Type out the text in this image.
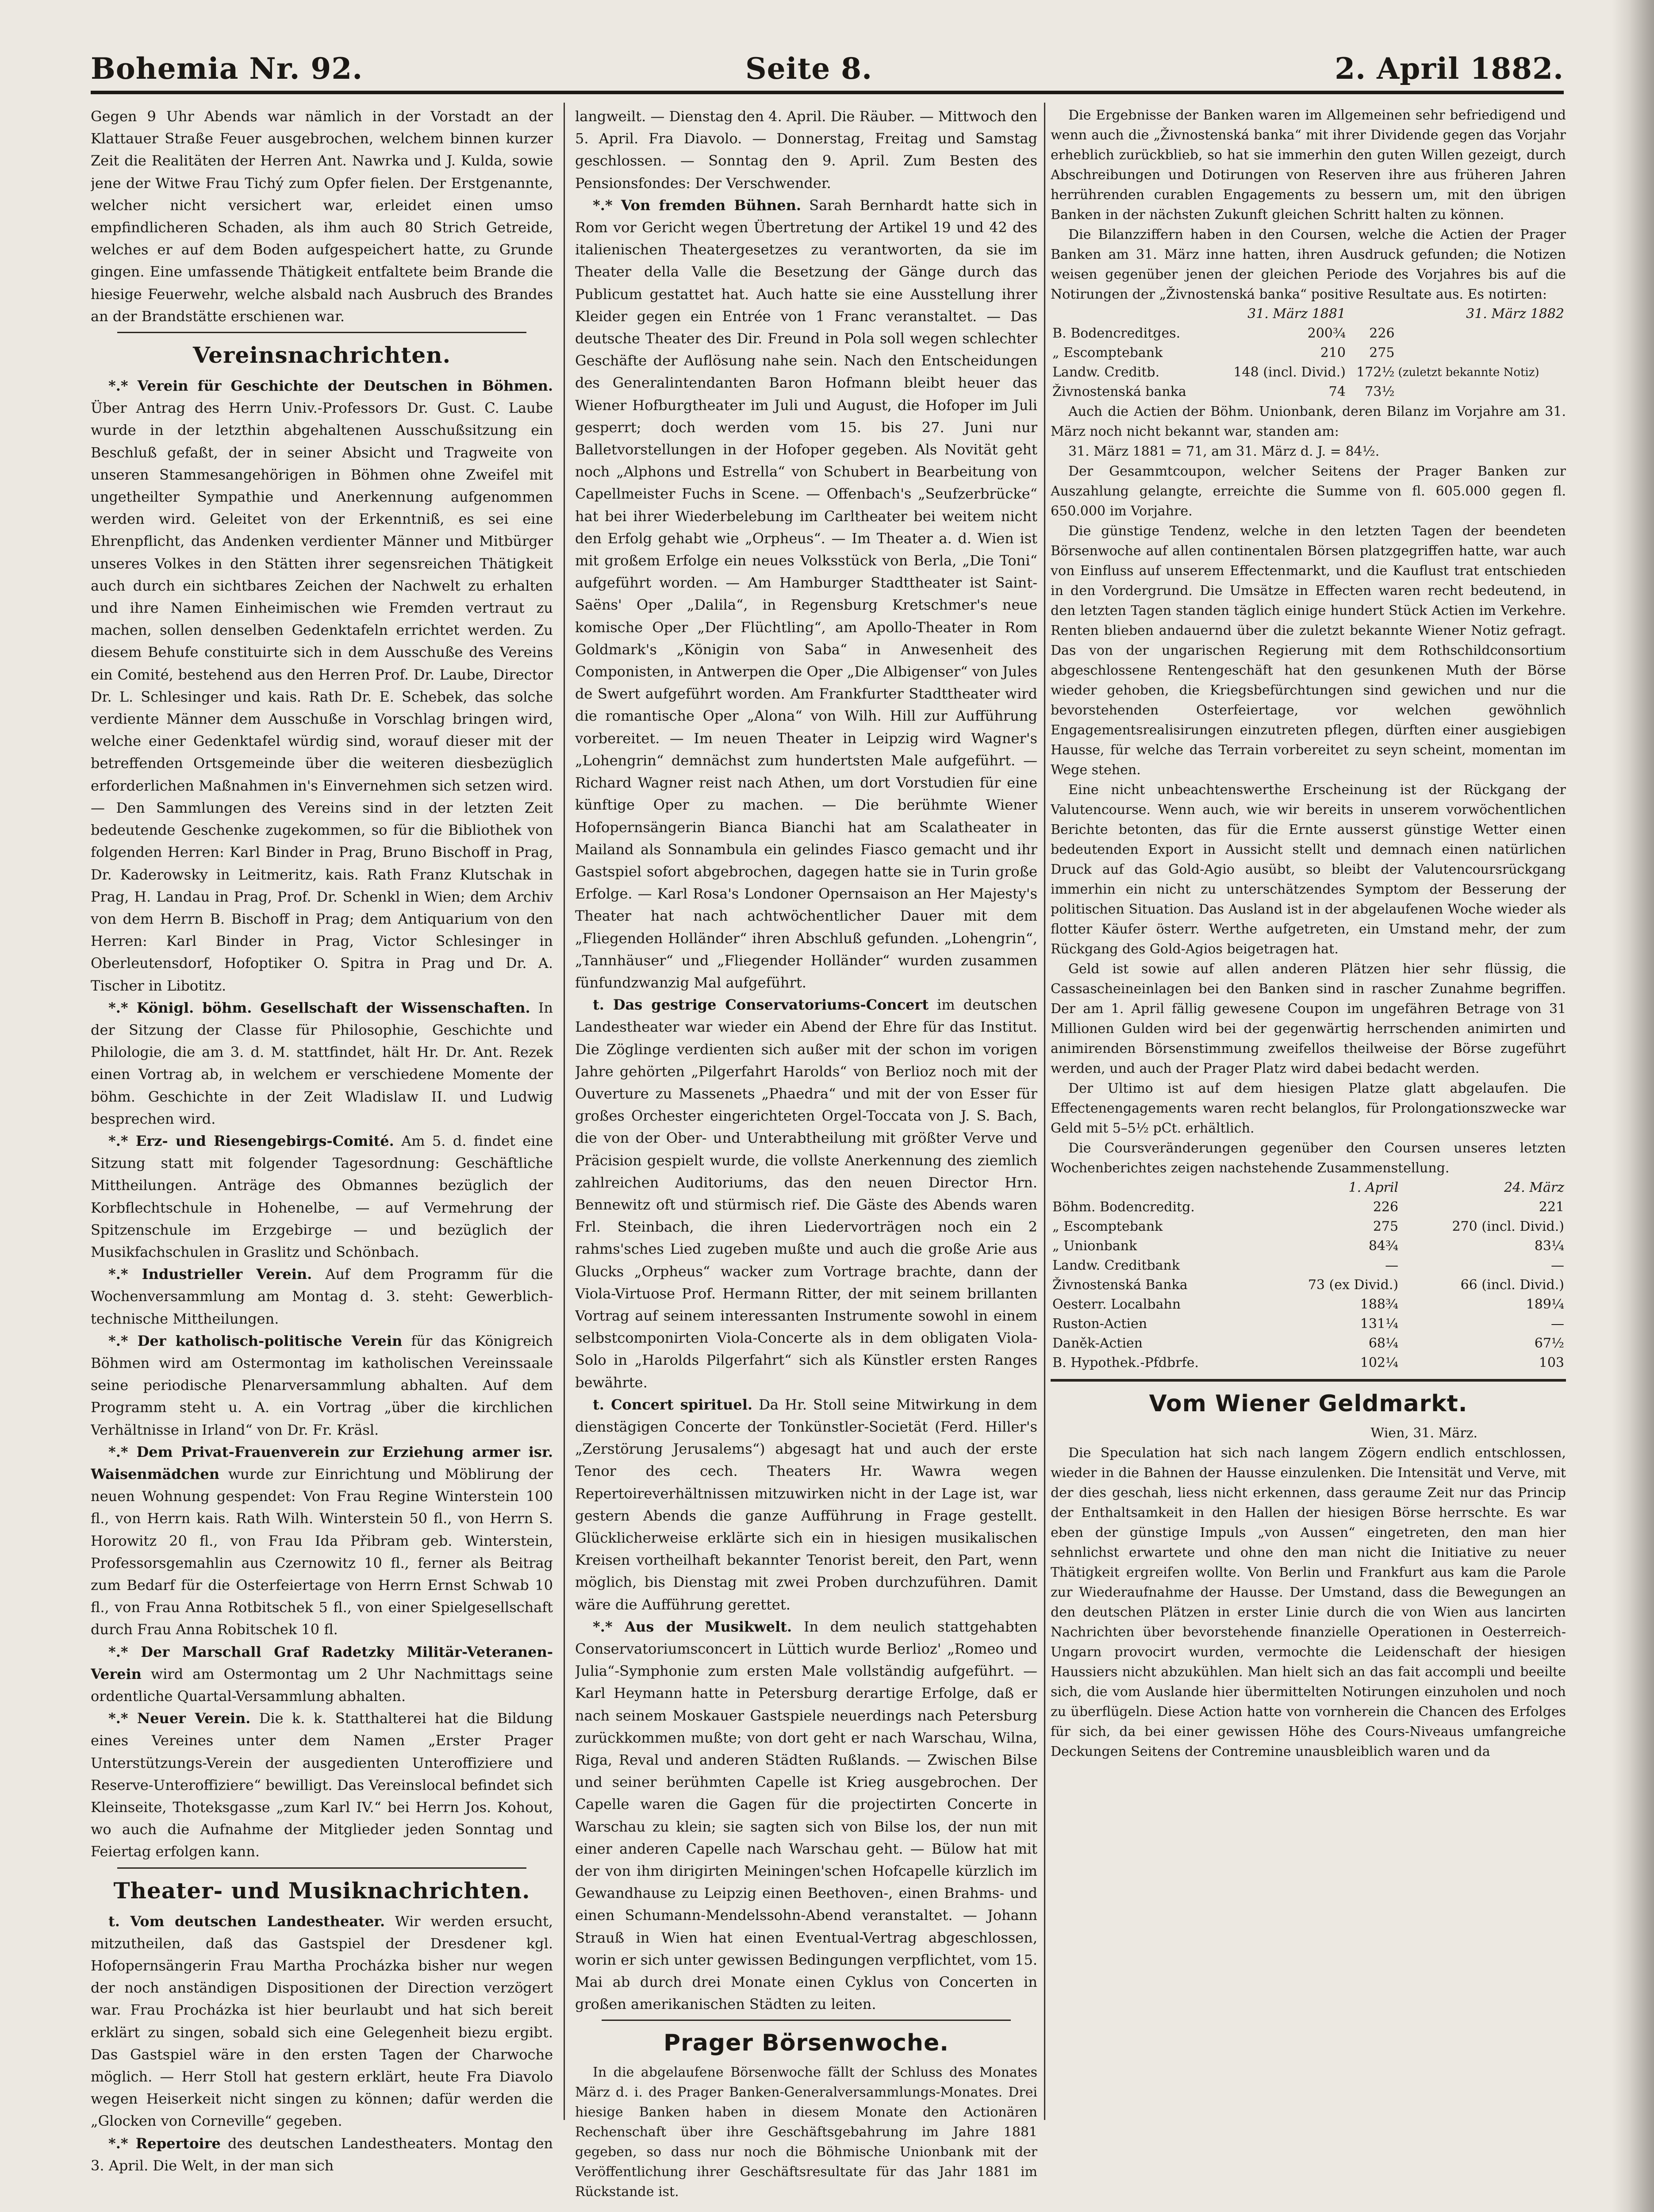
Bohemia Nr. 92.	Seite 8.	2. April 1882.

Gegen 9 Uhr Abends war nämlich in der Vorstadt an der Klattauer Straße Feuer ausgebrochen, welchem binnen kurzer Zeit die Realitäten der Herren Ant. Nawrka und J. Kulda, sowie jene der Witwe Frau Tichý zum Opfer fielen. Der Erstgenannte, welcher nicht versichert war, erleidet einen umso empfindlicheren Schaden, als ihm auch 80 Strich Getreide, welches er auf dem Boden aufgespeichert hatte, zu Grunde gingen. Eine umfassende Thätigkeit entfaltete beim Brande die hiesige Feuerwehr, welche alsbald nach Ausbruch des Brandes an der Brandstätte erschienen war.

Vereinsnachrichten.

*.* Verein für Geschichte der Deutschen in Böhmen. Über Antrag des Herrn Univ.-Professors Dr. Gust. C. Laube wurde in der letzthin abgehaltenen Ausschußsitzung ein Beschluß gefaßt, der in seiner Absicht und Tragweite von unseren Stammesangehörigen in Böhmen ohne Zweifel mit ungetheilter Sympathie und Anerkennung aufgenommen werden wird. Geleitet von der Erkenntniß, es sei eine Ehrenpflicht, das Andenken verdienter Männer und Mitbürger unseres Volkes in den Stätten ihrer segensreichen Thätigkeit auch durch ein sichtbares Zeichen der Nachwelt zu erhalten und ihre Namen Einheimischen wie Fremden vertraut zu machen, sollen denselben Gedenktafeln errichtet werden. Zu diesem Behufe constituirte sich in dem Ausschuße des Vereins ein Comité, bestehend aus den Herren Prof. Dr. Laube, Director Dr. L. Schlesinger und kais. Rath Dr. E. Schebek, das solche verdiente Männer dem Ausschuße in Vorschlag bringen wird, welche einer Gedenktafel würdig sind, worauf dieser mit der betreffenden Ortsgemeinde über die weiteren diesbezüglich erforderlichen Maßnahmen in's Einvernehmen sich setzen wird. — Den Sammlungen des Vereins sind in der letzten Zeit bedeutende Geschenke zugekommen, so für die Bibliothek von folgenden Herren: Karl Binder in Prag, Bruno Bischoff in Prag, Dr. Kaderowsky in Leitmeritz, kais. Rath Franz Klutschak in Prag, H. Landau in Prag, Prof. Dr. Schenkl in Wien; dem Archiv von dem Herrn B. Bischoff in Prag; dem Antiquarium von den Herren: Karl Binder in Prag, Victor Schlesinger in Oberleutensdorf, Hofoptiker O. Spitra in Prag und Dr. A. Tischer in Libotitz.

*.* Königl. böhm. Gesellschaft der Wissenschaften. In der Sitzung der Classe für Philosophie, Geschichte und Philologie, die am 3. d. M. stattfindet, hält Hr. Dr. Ant. Rezek einen Vortrag ab, in welchem er verschiedene Momente der böhm. Geschichte in der Zeit Wladislaw II. und Ludwig besprechen wird.

*.* Erz- und Riesengebirgs-Comité. Am 5. d. findet eine Sitzung statt mit folgender Tagesordnung: Geschäftliche Mittheilungen. Anträge des Obmannes bezüglich der Korbflechtschule in Hohenelbe, — auf Vermehrung der Spitzenschule im Erzgebirge — und bezüglich der Musikfachschulen in Graslitz und Schönbach.

*.* Industrieller Verein. Auf dem Programm für die Wochenversammlung am Montag d. 3. steht: Gewerblich-technische Mittheilungen.

*.* Der katholisch-politische Verein für das Königreich Böhmen wird am Ostermontag im katholischen Vereinssaale seine periodische Plenarversammlung abhalten. Auf dem Programm steht u. A. ein Vortrag „über die kirchlichen Verhältnisse in Irland“ von Dr. Fr. Kräsl.

*.* Dem Privat-Frauenverein zur Erziehung armer isr. Waisenmädchen wurde zur Einrichtung und Möblirung der neuen Wohnung gespendet: Von Frau Regine Winterstein 100 fl., von Herrn kais. Rath Wilh. Winterstein 50 fl., von Herrn S. Horowitz 20 fl., von Frau Ida Přibram geb. Winterstein, Professorsgemahlin aus Czernowitz 10 fl., ferner als Beitrag zum Bedarf für die Osterfeiertage von Herrn Ernst Schwab 10 fl., von Frau Anna Rotbitschek 5 fl., von einer Spielgesellschaft durch Frau Anna Robitschek 10 fl.

*.* Der Marschall Graf Radetzky Militär-Veteranen-Verein wird am Ostermontag um 2 Uhr Nachmittags seine ordentliche Quartal-Versammlung abhalten.

*.* Neuer Verein. Die k. k. Statthalterei hat die Bildung eines Vereines unter dem Namen „Erster Prager Unterstützungs-Verein der ausgedienten Unteroffiziere und Reserve-Unteroffiziere“ bewilligt. Das Vereinslocal befindet sich Kleinseite, Thoteksgasse „zum Karl IV.“ bei Herrn Jos. Kohout, wo auch die Aufnahme der Mitglieder jeden Sonntag und Feiertag erfolgen kann.

Theater- und Musiknachrichten.

t. Vom deutschen Landestheater. Wir werden ersucht, mitzutheilen, daß das Gastspiel der Dresdener kgl. Hofopernsängerin Frau Martha Procházka bisher nur wegen der noch anständigen Dispositionen der Direction verzögert war. Frau Procházka ist hier beurlaubt und hat sich bereit erklärt zu singen, sobald sich eine Gelegenheit biezu ergibt. Das Gastspiel wäre in den ersten Tagen der Charwoche möglich. — Herr Stoll hat gestern erklärt, heute Fra Diavolo wegen Heiserkeit nicht singen zu können; dafür werden die „Glocken von Corneville“ gegeben.

*.* Repertoire des deutschen Landestheaters. Montag den 3. April. Die Welt, in der man sich

langweilt. — Dienstag den 4. April. Die Räuber. — Mittwoch den 5. April. Fra Diavolo. — Donnerstag, Freitag und Samstag geschlossen. — Sonntag den 9. April. Zum Besten des Pensionsfondes: Der Verschwender.

*.* Von fremden Bühnen. Sarah Bernhardt hatte sich in Rom vor Gericht wegen Übertretung der Artikel 19 und 42 des italienischen Theatergesetzes zu verantworten, da sie im Theater della Valle die Besetzung der Gänge durch das Publicum gestattet hat. Auch hatte sie eine Ausstellung ihrer Kleider gegen ein Entrée von 1 Franc veranstaltet. — Das deutsche Theater des Dir. Freund in Pola soll wegen schlechter Geschäfte der Auflösung nahe sein. Nach den Entscheidungen des Generalintendanten Baron Hofmann bleibt heuer das Wiener Hofburgtheater im Juli und August, die Hofoper im Juli gesperrt; doch werden vom 15. bis 27. Juni nur Balletvorstellungen in der Hofoper gegeben. Als Novität geht noch „Alphons und Estrella“ von Schubert in Bearbeitung von Capellmeister Fuchs in Scene. — Offenbach's „Seufzerbrücke“ hat bei ihrer Wiederbelebung im Carltheater bei weitem nicht den Erfolg gehabt wie „Orpheus“. — Im Theater a. d. Wien ist mit großem Erfolge ein neues Volksstück von Berla, „Die Toni“ aufgeführt worden. — Am Hamburger Stadttheater ist Saint-Saëns' Oper „Dalila“, in Regensburg Kretschmer's neue komische Oper „Der Flüchtling“, am Apollo-Theater in Rom Goldmark's „Königin von Saba“ in Anwesenheit des Componisten, in Antwerpen die Oper „Die Albigenser“ von Jules de Swert aufgeführt worden. Am Frankfurter Stadttheater wird die romantische Oper „Alona“ von Wilh. Hill zur Aufführung vorbereitet. — Im neuen Theater in Leipzig wird Wagner's „Lohengrin“ demnächst zum hundertsten Male aufgeführt. — Richard Wagner reist nach Athen, um dort Vorstudien für eine künftige Oper zu machen. — Die berühmte Wiener Hofopernsängerin Bianca Bianchi hat am Scalatheater in Mailand als Sonnambula ein gelindes Fiasco gemacht und ihr Gastspiel sofort abgebrochen, dagegen hatte sie in Turin große Erfolge. — Karl Rosa's Londoner Opernsaison an Her Majesty's Theater hat nach achtwöchentlicher Dauer mit dem „Fliegenden Holländer“ ihren Abschluß gefunden. „Lohengrin“, „Tannhäuser“ und „Fliegender Holländer“ wurden zusammen fünfundzwanzig Mal aufgeführt.

t. Das gestrige Conservatoriums-Concert im deutschen Landestheater war wieder ein Abend der Ehre für das Institut. Die Zöglinge verdienten sich außer mit der schon im vorigen Jahre gehörten „Pilgerfahrt Harolds“ von Berlioz noch mit der Ouverture zu Massenets „Phaedra“ und mit der von Esser für großes Orchester eingerichteten Orgel-Toccata von J. S. Bach, die von der Ober- und Unterabtheilung mit größter Verve und Präcision gespielt wurde, die vollste Anerkennung des ziemlich zahlreichen Auditoriums, das den neuen Director Hrn. Bennewitz oft und stürmisch rief. Die Gäste des Abends waren Frl. Steinbach, die ihren Liedervorträgen noch ein 2 rahms'sches Lied zugeben mußte und auch die große Arie aus Glucks „Orpheus“ wacker zum Vortrage brachte, dann der Viola-Virtuose Prof. Hermann Ritter, der mit seinem brillanten Vortrag auf seinem interessanten Instrumente sowohl in einem selbstcomponirten Viola-Concerte als in dem obligaten Viola-Solo in „Harolds Pilgerfahrt“ sich als Künstler ersten Ranges bewährte.

t. Concert spirituel. Da Hr. Stoll seine Mitwirkung in dem dienstägigen Concerte der Tonkünstler-Societät (Ferd. Hiller's „Zerstörung Jerusalems“) abgesagt hat und auch der erste Tenor des cech. Theaters Hr. Wawra wegen Repertoireverhältnissen mitzuwirken nicht in der Lage ist, war gestern Abends die ganze Aufführung in Frage gestellt. Glücklicherweise erklärte sich ein in hiesigen musikalischen Kreisen vortheilhaft bekannter Tenorist bereit, den Part, wenn möglich, bis Dienstag mit zwei Proben durchzuführen. Damit wäre die Aufführung gerettet.

*.* Aus der Musikwelt. In dem neulich stattgehabten Conservatoriumsconcert in Lüttich wurde Berlioz' „Romeo und Julia“-Symphonie zum ersten Male vollständig aufgeführt. — Karl Heymann hatte in Petersburg derartige Erfolge, daß er nach seinem Moskauer Gastspiele neuerdings nach Petersburg zurückkommen mußte; von dort geht er nach Warschau, Wilna, Riga, Reval und anderen Städten Rußlands. — Zwischen Bilse und seiner berühmten Capelle ist Krieg ausgebrochen. Der Capelle waren die Gagen für die projectirten Concerte in Warschau zu klein; sie sagten sich von Bilse los, der nun mit einer anderen Capelle nach Warschau geht. — Bülow hat mit der von ihm dirigirten Meiningen'schen Hofcapelle kürzlich im Gewandhause zu Leipzig einen Beethoven-, einen Brahms- und einen Schumann-Mendelssohn-Abend veranstaltet. — Johann Strauß in Wien hat einen Eventual-Vertrag abgeschlossen, worin er sich unter gewissen Bedingungen verpflichtet, vom 15. Mai ab durch drei Monate einen Cyklus von Concerten in großen amerikanischen Städten zu leiten.

Prager Börsenwoche.

In die abgelaufene Börsenwoche fällt der Schluss des Monates März d. i. des Prager Banken-Generalversammlungs-Monates. Drei hiesige Banken haben in diesem Monate den Actionären Rechenschaft über ihre Geschäftsgebahrung im Jahre 1881 gegeben, so dass nur noch die Böhmische Unionbank mit der Veröffentlichung ihrer Geschäftsresultate für das Jahr 1881 im Rückstande ist.

Die Ergebnisse der Banken waren im Allgemeinen sehr befriedigend und wenn auch die „Živnostenská banka“ mit ihrer Dividende gegen das Vorjahr erheblich zurückblieb, so hat sie immerhin den guten Willen gezeigt, durch Abschreibungen und Dotirungen von Reserven ihre aus früheren Jahren herrührenden curablen Engagements zu bessern um, mit den übrigen Banken in der nächsten Zukunft gleichen Schritt halten zu können.

Die Bilanzziffern haben in den Coursen, welche die Actien der Prager Banken am 31. März inne hatten, ihren Ausdruck gefunden; die Notizen weisen gegenüber jenen der gleichen Periode des Vorjahres bis auf die Notirungen der „Živnostenská banka“ positive Resultate aus. Es notirten:

	31. März 1881	31. März 1882	
B. Bodencreditges.	200¾	226	
„ Escomptebank	210	275	
Landw. Creditb.	148 (incl. Divid.)	172½	(zuletzt bekannte Notiz)
Živnostenská banka	74	73½	

Auch die Actien der Böhm. Unionbank, deren Bilanz im Vorjahre am 31. März noch nicht bekannt war, standen am:

31. März 1881 = 71, am 31. März d. J. = 84½.

Der Gesammtcoupon, welcher Seitens der Prager Banken zur Auszahlung gelangte, erreichte die Summe von fl. 605.000 gegen fl. 650.000 im Vorjahre.

Die günstige Tendenz, welche in den letzten Tagen der beendeten Börsenwoche auf allen continentalen Börsen platzgegriffen hatte, war auch von Einfluss auf unserem Effectenmarkt, und die Kauflust trat entschieden in den Vordergrund. Die Umsätze in Effecten waren recht bedeutend, in den letzten Tagen standen täglich einige hundert Stück Actien im Verkehre. Renten blieben andauernd über die zuletzt bekannte Wiener Notiz gefragt. Das von der ungarischen Regierung mit dem Rothschildconsortium abgeschlossene Rentengeschäft hat den gesunkenen Muth der Börse wieder gehoben, die Kriegsbefürchtungen sind gewichen und nur die bevorstehenden Osterfeiertage, vor welchen gewöhnlich Engagementsrealisirungen einzutreten pflegen, dürften einer ausgiebigen Hausse, für welche das Terrain vorbereitet zu seyn scheint, momentan im Wege stehen.

Eine nicht unbeachtenswerthe Erscheinung ist der Rückgang der Valutencourse. Wenn auch, wie wir bereits in unserem vorwöchentlichen Berichte betonten, das für die Ernte ausserst günstige Wetter einen bedeutenden Export in Aussicht stellt und demnach einen natürlichen Druck auf das Gold-Agio ausübt, so bleibt der Valutencoursrückgang immerhin ein nicht zu unterschätzendes Symptom der Besserung der politischen Situation. Das Ausland ist in der abgelaufenen Woche wieder als flotter Käufer österr. Werthe aufgetreten, ein Umstand mehr, der zum Rückgang des Gold-Agios beigetragen hat.

Geld ist sowie auf allen anderen Plätzen hier sehr flüssig, die Cassascheineinlagen bei den Banken sind in rascher Zunahme begriffen. Der am 1. April fällig gewesene Coupon im ungefähren Betrage von 31 Millionen Gulden wird bei der gegenwärtig herrschenden animirten und animirenden Börsenstimmung zweifellos theilweise der Börse zugeführt werden, und auch der Prager Platz wird dabei bedacht werden.

Der Ultimo ist auf dem hiesigen Platze glatt abgelaufen. Die Effectenengagements waren recht belanglos, für Prolongationszwecke war Geld mit 5–5½ pCt. erhältlich.

Die Coursveränderungen gegenüber den Coursen unseres letzten Wochenberichtes zeigen nachstehende Zusammenstellung.

	1. April	24. März
Böhm. Bodencreditg.	226	221
„ Escomptebank	275	270 (incl. Divid.)
„ Unionbank	84¾	83¼
Landw. Creditbank	—	—
Živnostenská Banka	73 (ex Divid.)	66 (incl. Divid.)
Oesterr. Localbahn	188¾	189¼
Ruston-Actien	131¼	—
Daněk-Actien	68¼	67½
B. Hypothek.-Pfdbrfe.	102¼	103
Vom Wiener Geldmarkt.

Wien, 31. März.

Die Speculation hat sich nach langem Zögern endlich entschlossen, wieder in die Bahnen der Hausse einzulenken. Die Intensität und Verve, mit der dies geschah, liess nicht erkennen, dass geraume Zeit nur das Princip der Enthaltsamkeit in den Hallen der hiesigen Börse herrschte. Es war eben der günstige Impuls „von Aussen“ eingetreten, den man hier sehnlichst erwartete und ohne den man nicht die Initiative zu neuer Thätigkeit ergreifen wollte. Von Berlin und Frankfurt aus kam die Parole zur Wiederaufnahme der Hausse. Der Umstand, dass die Bewegungen an den deutschen Plätzen in erster Linie durch die von Wien aus lancirten Nachrichten über bevorstehende finanzielle Operationen in Oesterreich-Ungarn provocirt wurden, vermochte die Leidenschaft der hiesigen Haussiers nicht abzukühlen. Man hielt sich an das fait accompli und beeilte sich, die vom Auslande hier übermittelten Notirungen einzuholen und noch zu überflügeln. Diese Action hatte von vornherein die Chancen des Erfolges für sich, da bei einer gewissen Höhe des Cours-Niveaus umfangreiche Deckungen Seitens der Contremine unausbleiblich waren und da
